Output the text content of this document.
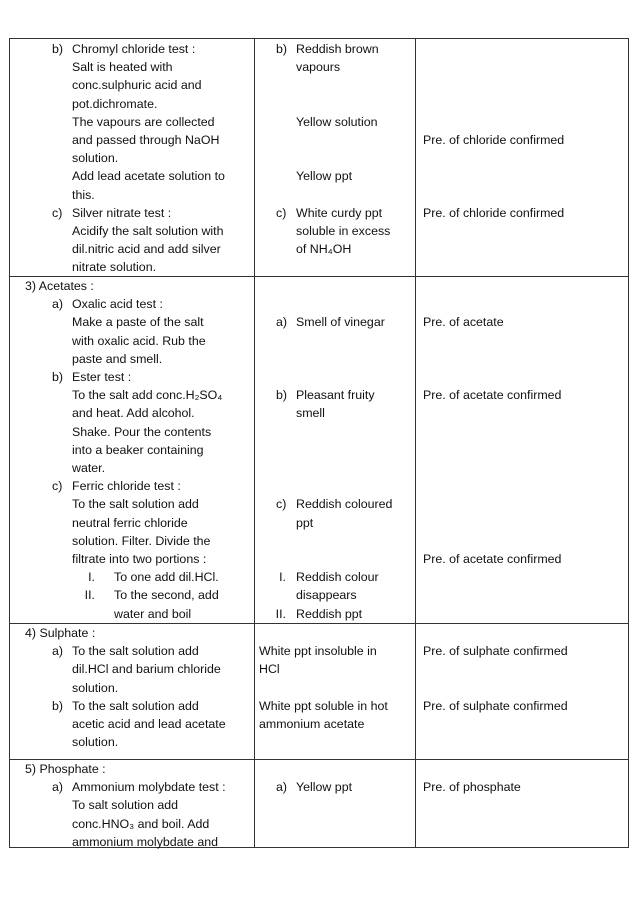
b) Chromyl chloride test :
Salt is heated with
conc.sulphuric acid and
pot.dichromate.
The vapours are collected
and passed through NaOH
solution.
Add lead acetate solution to
this.
c) Silver nitrate test :
Acidify the salt solution with
dil.nitric acid and add silver
nitrate solution.
b) Reddish brown
vapours
Yellow solution
Yellow ppt
c) White curdy ppt
soluble in excess
of NH₄OH
Pre. of chloride confirmed
Pre. of chloride confirmed
3) Acetates :
a) Oxalic acid test :
Make a paste of the salt
with oxalic acid. Rub the
paste and smell.
b) Ester test :
To the salt add conc.H₂SO₄
and heat. Add alcohol.
Shake. Pour the contents
into a beaker containing
water.
c) Ferric chloride test :
To the salt solution add
neutral ferric chloride
solution. Filter. Divide the
filtrate into two portions :
I. To one add dil.HCl.
II. To the second, add
water and boil
a) Smell of vinegar
b) Pleasant fruity
smell
c) Reddish coloured
ppt
I. Reddish colour
disappears
II. Reddish ppt
Pre. of acetate
Pre. of acetate confirmed
Pre. of acetate confirmed
4) Sulphate :
a) To the salt solution add
dil.HCl and barium chloride
solution.
b) To the salt solution add
acetic acid and lead acetate
solution.
White ppt insoluble in
HCl
White ppt soluble in hot
ammonium acetate
Pre. of sulphate confirmed
Pre. of sulphate confirmed
5) Phosphate :
a) Ammonium molybdate test :
To salt solution add
conc.HNO₃ and boil. Add
ammonium molybdate and
a) Yellow ppt	Pre. of phosphate
